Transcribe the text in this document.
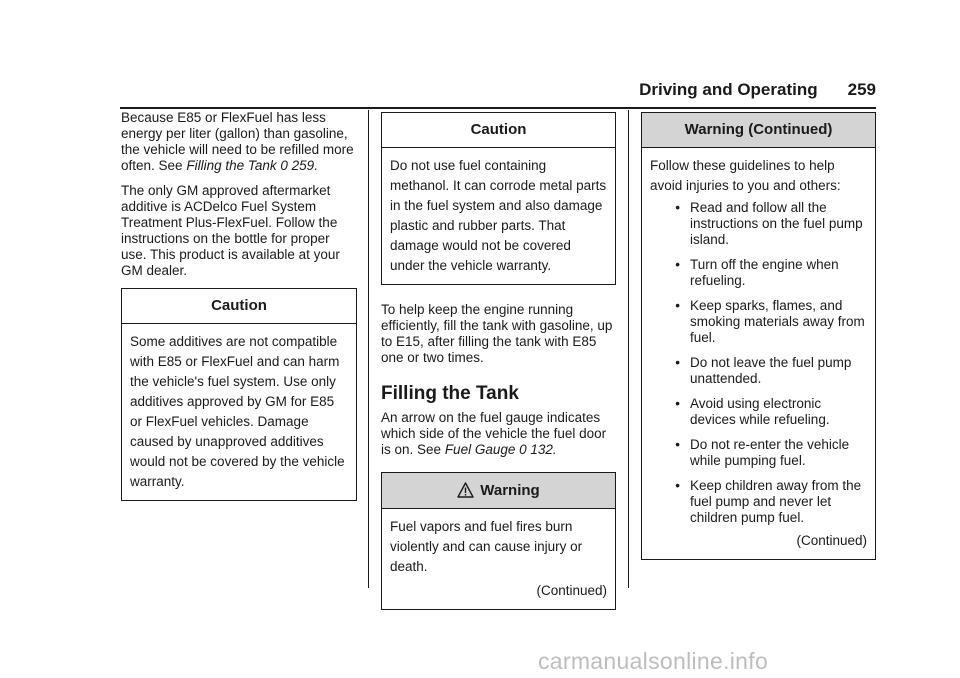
Driving and Operating 259

Because E85 or FlexFuel has less energy per liter (gallon) than gasoline, the vehicle will need to be refilled more often. See Filling the Tank 0 259.

The only GM approved aftermarket additive is ACDelco Fuel System Treatment Plus-FlexFuel. Follow the instructions on the bottle for proper use. This product is available at your GM dealer.

Caution

Some additives are not compatible with E85 or FlexFuel and can harm the vehicle's fuel system. Use only additives approved by GM for E85 or FlexFuel vehicles. Damage caused by unapproved additives would not be covered by the vehicle warranty.

Caution

Do not use fuel containing methanol. It can corrode metal parts in the fuel system and also damage plastic and rubber parts. That damage would not be covered under the vehicle warranty.

To help keep the engine running efficiently, fill the tank with gasoline, up to E15, after filling the tank with E85 one or two times.

Filling the Tank

An arrow on the fuel gauge indicates which side of the vehicle the fuel door is on. See Fuel Gauge 0 132.

Warning

Fuel vapors and fuel fires burn violently and can cause injury or death.

(Continued)
Warning (Continued)

Follow these guidelines to help avoid injuries to you and others:

• Read and follow all the instructions on the fuel pump island.
• Turn off the engine when refueling.
• Keep sparks, flames, and smoking materials away from fuel.
• Do not leave the fuel pump unattended.
• Avoid using electronic devices while refueling.
• Do not re-enter the vehicle while pumping fuel.
• Keep children away from the fuel pump and never let children pump fuel.
(Continued)
carmanualsonline.info
